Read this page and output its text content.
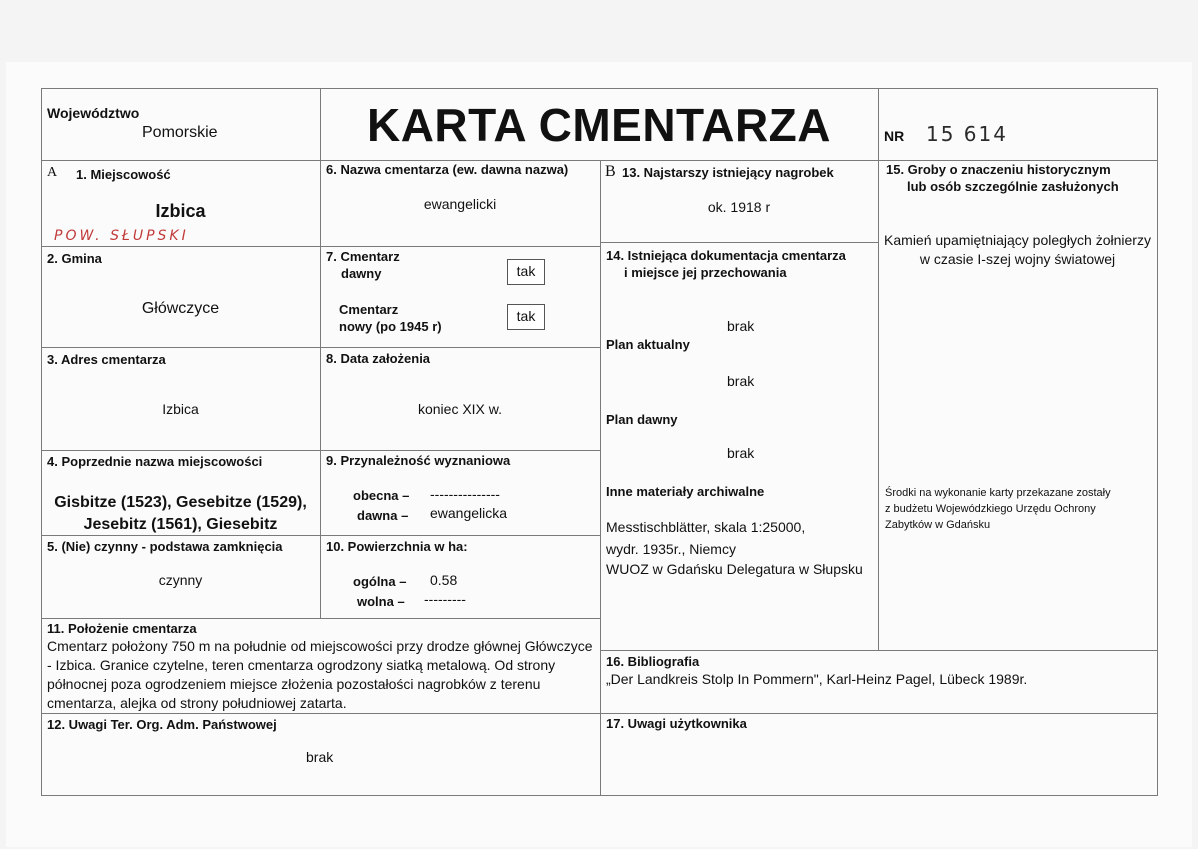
Województwo
Pomorskie	KARTA CMENTARZA	NR 15 614
A 1. Miejscowość
Izbica
POW. SŁUPSKI
2. Gmina
Główczyce
3. Adres cmentarza
Izbica
4. Poprzednie nazwa miejscowości
Gisbitze (1523), Gesebitze (1529),
Jesebitz (1561), Giesebitz
5. (Nie) czynny - podstawa zamknięcia
czynny
6. Nazwa cmentarza (ew. dawna nazwa)
ewangelicki
7. Cmentarz
dawny	tak
Cmentarz
nowy (po 1945 r)
tak
8. Data założenia
koniec XIX w.
9. Przynależność wyznaniowa
obecna – ---------------
dawna – ewangelicka
10. Powierzchnia w ha:
ogólna – 0.58
wolna – ---------
11. Położenie cmentarza
Cmentarz położony 750 m na południe od miejscowości przy drodze głównej Główczyce
- Izbica. Granice czytelne, teren cmentarza ogrodzony siatką metalową. Od strony
północnej poza ogrodzeniem miejsce złożenia pozostałości nagrobków z terenu
cmentarza, alejka od strony południowej zatarta.
12. Uwagi Ter. Org. Adm. Państwowej
brak
B 13. Najstarszy istniejący nagrobek
ok. 1918 r
14. Istniejąca dokumentacja cmentarza
i miejsce jej przechowania
brak
Plan aktualny
brak
Plan dawny
brak
Inne materiały archiwalne
Messtischblätter, skala 1:25000,
wydr. 1935r., Niemcy
WUOZ w Gdańsku Delegatura w Słupsku
15. Groby o znaczeniu historycznym
lub osób szczególnie zasłużonych
Kamień upamiętniający poległych żołnierzy
w czasie I-szej wojny światowej
Środki na wykonanie karty przekazane zostały
z budżetu Wojewódzkiego Urzędu Ochrony
Zabytków w Gdańsku
16. Bibliografia
„Der Landkreis Stolp In Pommern", Karl-Heinz Pagel, Lübeck 1989r.
17. Uwagi użytkownika
